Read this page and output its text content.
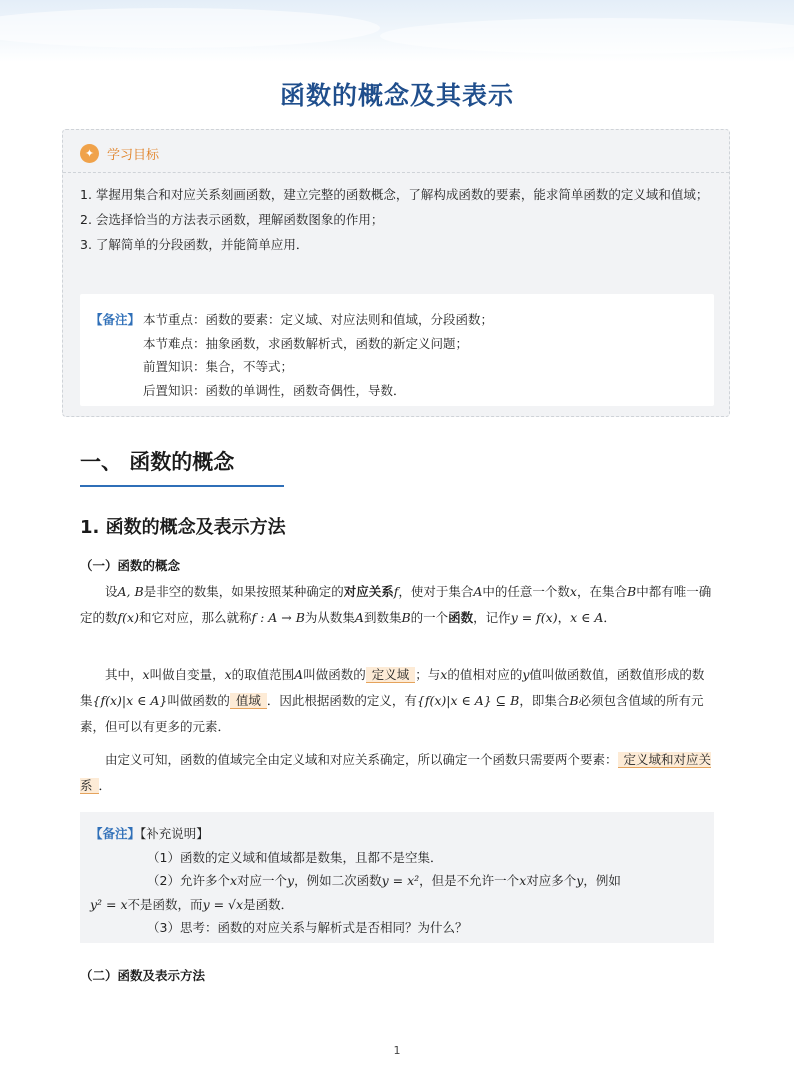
函数的概念及其表示
✦ 学习目标
1. 掌握用集合和对应关系刻画函数，建立完整的函数概念，了解构成函数的要素，能求简单函数的定义域和值域；
2. 会选择恰当的方法表示函数，理解函数图象的作用；
3. 了解简单的分段函数，并能简单应用．
【备注】 本节重点：函数的要素：定义域、对应法则和值域，分段函数；
本节难点：抽象函数，求函数解析式，函数的新定义问题；
前置知识：集合，不等式；
后置知识：函数的单调性，函数奇偶性，导数．
一、 函数的概念
1. 函数的概念及表示方法
（一）函数的概念
设A, B是非空的数集，如果按照某种确定的对应关系f，使对于集合A中的任意一个数x，在集合B中都有唯一确定的数f(x)和它对应，那么就称f : A → B为从数集A到数集B的一个函数，记作y = f(x)，x ∈ A．
其中，x叫做自变量，x的取值范围A叫做函数的 定义域 ；与x的值相对应的y值叫做函数值，函数值形成的数集{f(x)|x ∈ A}叫做函数的 值域 ．因此根据函数的定义，有{f(x)|x ∈ A} ⊆ B，即集合B必须包含值域的所有元素，但可以有更多的元素．
由定义可知，函数的值域完全由定义域和对应关系确定，所以确定一个函数只需要两个要素： 定义域和对应关系 ．
【备注】【补充说明】
（1）函数的定义域和值域都是数集，且都不是空集．
（2）允许多个x对应一个y，例如二次函数y = x²，但是不允许一个x对应多个y，例如
y² = x不是函数，而y = √x是函数．
（3）思考：函数的对应关系与解析式是否相同？为什么？
（二）函数及表示方法
1
